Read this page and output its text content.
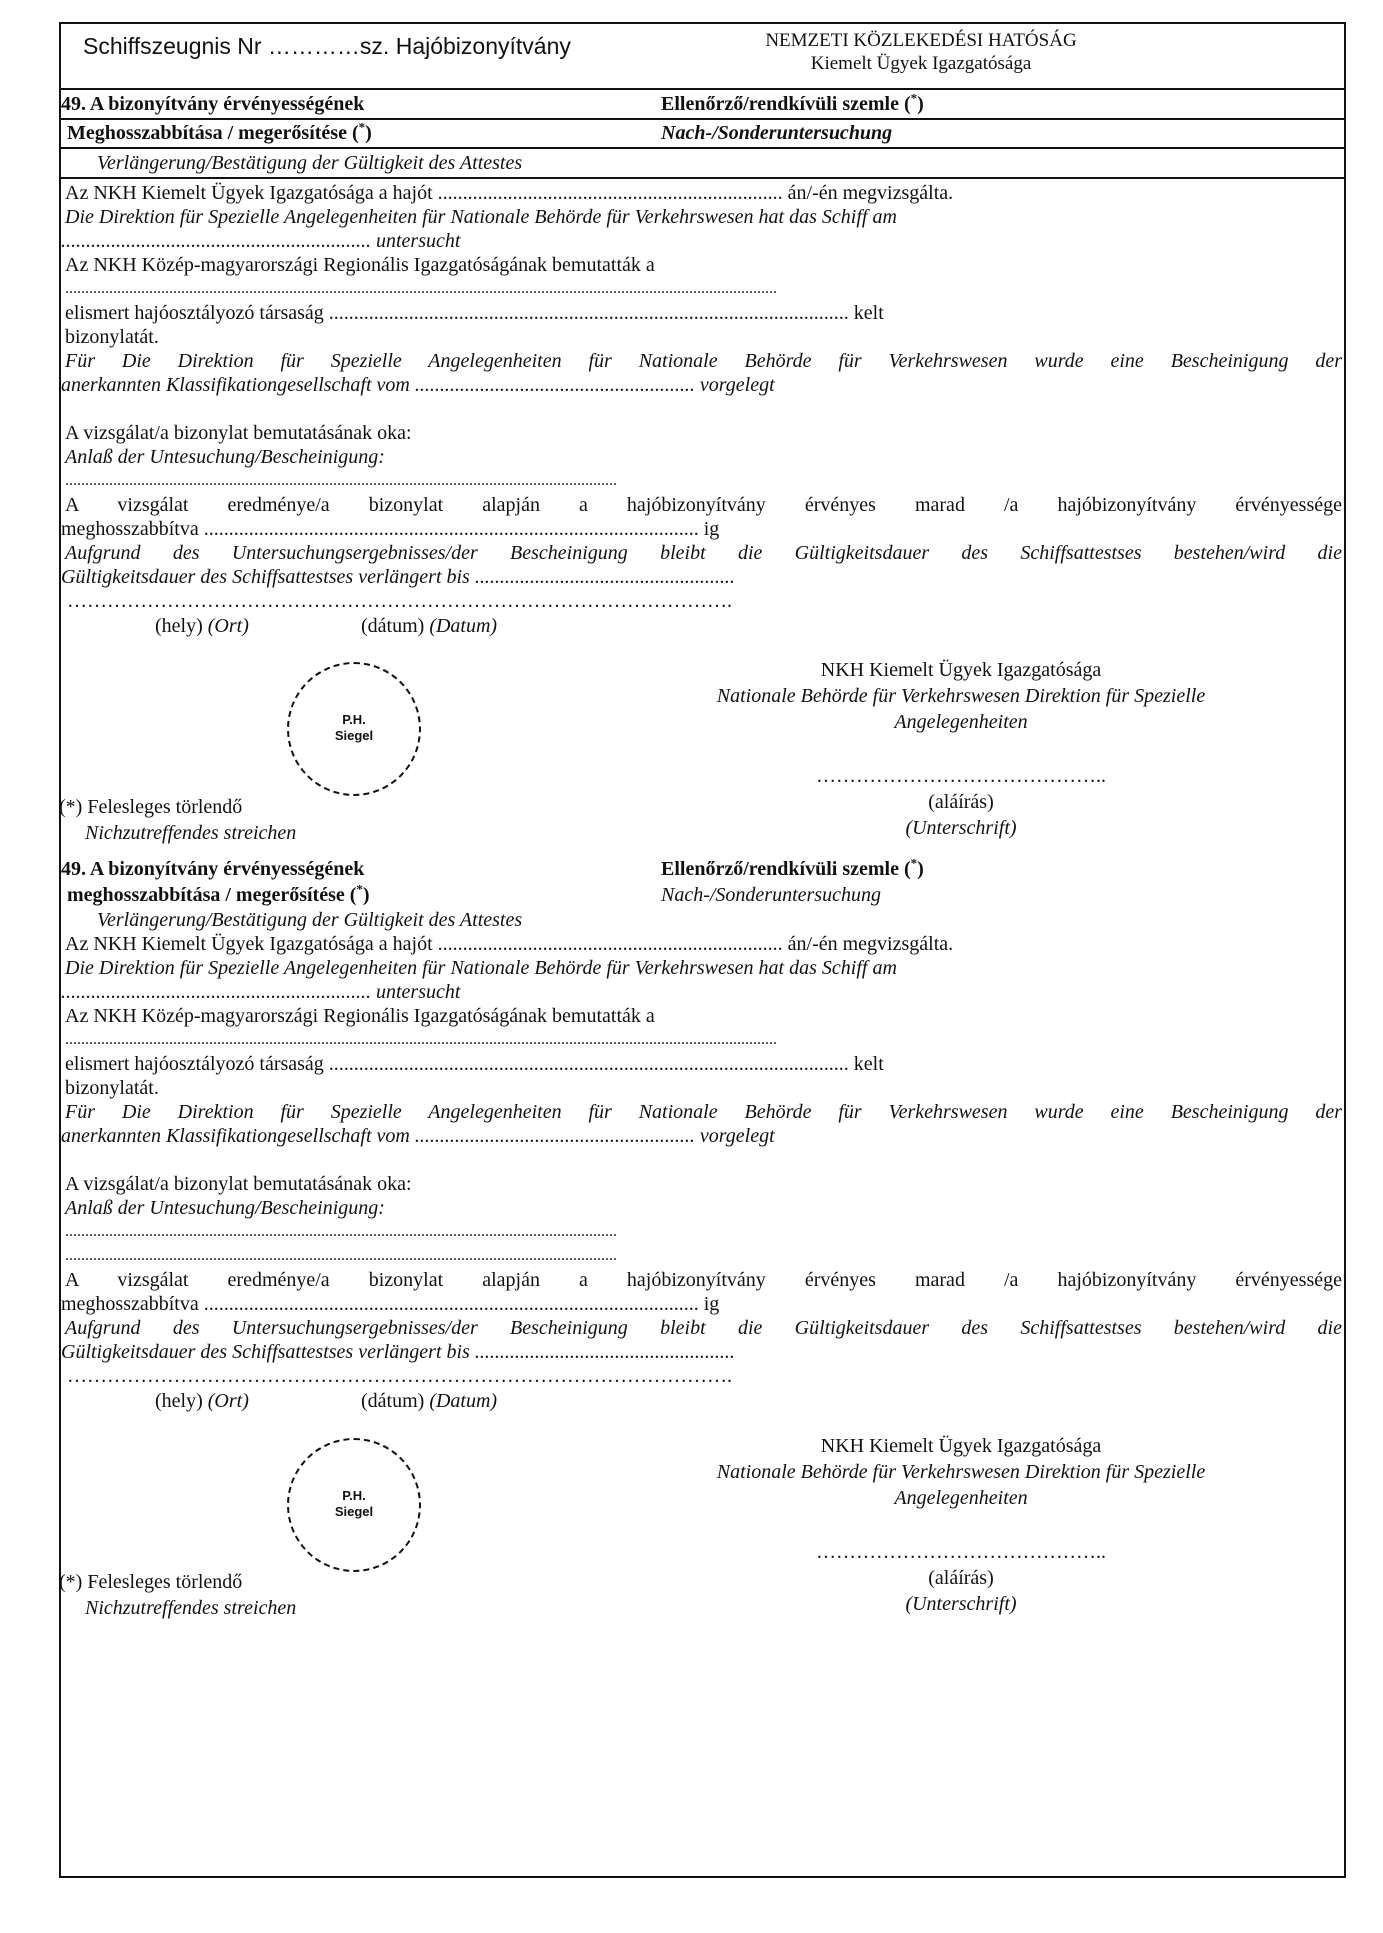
Schiffszeugnis Nr …………sz. Hajóbizonyítvány	NEMZETI KÖZLEKEDÉSI HATÓSÁG
Kiemelt Ügyek Igazgatósága
49. A bizonyítvány érvényességének	Ellenőrző/rendkívüli szemle (*)
Meghosszabbítása / megerősítése (*)	Nach-/Sonderuntersuchung
Verlängerung/Bestätigung der Gültigkeit des Attestes
Az NKH Kiemelt Ügyek Igazgatósága a hajót ..................................................................... án/-én megvizsgálta.
Die Direktion für Spezielle Angelegenheiten für Nationale Behörde für Verkehrswesen hat das Schiff am
.............................................................. untersucht
Az NKH Közép-magyarországi Regionális Igazgatóságának bemutatták a
..................................................................................................................................................................................
elismert hajóosztályozó társaság ........................................................................................................ kelt
bizonylatát.
Für Die Direktion für Spezielle Angelegenheiten für Nationale Behörde für Verkehrswesen wurde eine Bescheinigung der
anerkannten Klassifikationgesellschaft vom ........................................................ vorgelegt
A vizsgálat/a bizonylat bemutatásának oka:
Anlaß der Untesuchung/Bescheinigung:
..........................................................................................................................................
A vizsgálat eredménye/a bizonylat alapján a hajóbizonyítvány érvényes marad /a hajóbizonyítvány érvényessége
meghosszabbítva ................................................................................................... ig
Aufgrund des Untersuchungsergebnisses/der Bescheinigung bleibt die Gültigkeitsdauer des Schiffsattestses bestehen/wird die
Gültigkeitsdauer des Schiffsattestses verlängert bis ....................................................
……………………………………………………………………………………….
(hely) (Ort)	(dátum) (Datum)
P.H.
Siegel
NKH Kiemelt Ügyek Igazgatósága
Nationale Behörde für Verkehrswesen Direktion für Spezielle
Angelegenheiten
……………………………………..
(aláírás)
(Unterschrift)
(*) Felesleges törlendő
Nichzutreffendes streichen
49. A bizonyítvány érvényességének	Ellenőrző/rendkívüli szemle (*)
meghosszabbítása / megerősítése (*)	Nach-/Sonderuntersuchung
Verlängerung/Bestätigung der Gültigkeit des Attestes
Az NKH Kiemelt Ügyek Igazgatósága a hajót ..................................................................... án/-én megvizsgálta.
Die Direktion für Spezielle Angelegenheiten für Nationale Behörde für Verkehrswesen hat das Schiff am
.............................................................. untersucht
Az NKH Közép-magyarországi Regionális Igazgatóságának bemutatták a
..................................................................................................................................................................................
elismert hajóosztályozó társaság ........................................................................................................ kelt
bizonylatát.
Für Die Direktion für Spezielle Angelegenheiten für Nationale Behörde für Verkehrswesen wurde eine Bescheinigung der
anerkannten Klassifikationgesellschaft vom ........................................................ vorgelegt
A vizsgálat/a bizonylat bemutatásának oka:
Anlaß der Untesuchung/Bescheinigung:
..........................................................................................................................................
..........................................................................................................................................
A vizsgálat eredménye/a bizonylat alapján a hajóbizonyítvány érvényes marad /a hajóbizonyítvány érvényessége
meghosszabbítva ................................................................................................... ig
Aufgrund des Untersuchungsergebnisses/der Bescheinigung bleibt die Gültigkeitsdauer des Schiffsattestses bestehen/wird die
Gültigkeitsdauer des Schiffsattestses verlängert bis ....................................................
……………………………………………………………………………………….
(hely) (Ort)	(dátum) (Datum)
P.H.
Siegel
NKH Kiemelt Ügyek Igazgatósága
Nationale Behörde für Verkehrswesen Direktion für Spezielle
Angelegenheiten
……………………………………..
(aláírás)
(Unterschrift)
(*) Felesleges törlendő
Nichzutreffendes streichen
